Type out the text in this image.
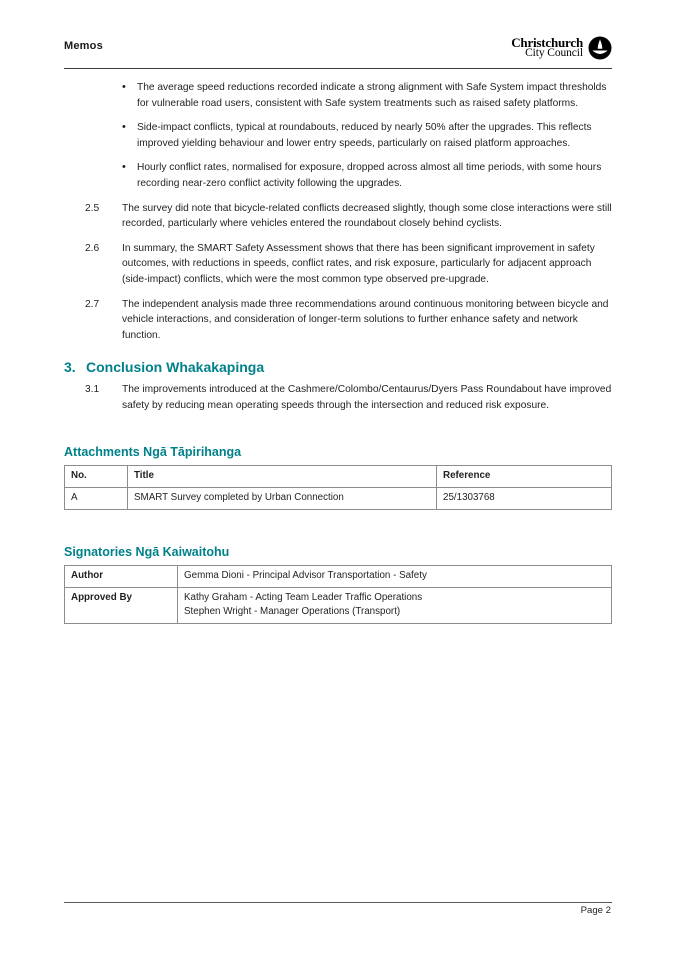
Memos	Christchurch
City Council
• The average speed reductions recorded indicate a strong alignment with Safe System impact thresholds for vulnerable road users, consistent with Safe system treatments such as raised safety platforms.
• Side-impact conflicts, typical at roundabouts, reduced by nearly 50% after the upgrades. This reflects improved yielding behaviour and lower entry speeds, particularly on raised platform approaches.
• Hourly conflict rates, normalised for exposure, dropped across almost all time periods, with some hours recording near-zero conflict activity following the upgrades.
2.5	The survey did note that bicycle-related conflicts decreased slightly, though some close interactions were still recorded, particularly where vehicles entered the roundabout closely behind cyclists.
2.6	In summary, the SMART Safety Assessment shows that there has been significant improvement in safety outcomes, with reductions in speeds, conflict rates, and risk exposure, particularly for adjacent approach (side-impact) conflicts, which were the most common type observed pre-upgrade.
2.7	The independent analysis made three recommendations around continuous monitoring between bicycle and vehicle interactions, and consideration of longer-term solutions to further enhance safety and network function.
3. Conclusion Whakakapinga
3.1	The improvements introduced at the Cashmere/Colombo/Centaurus/Dyers Pass Roundabout have improved safety by reducing mean operating speeds through the intersection and reduced risk exposure.
Attachments Ngā Tāpirihanga
No.	Title	Reference
A	SMART Survey completed by Urban Connection	25/1303768
Signatories Ngā Kaiwaitohu
Author	Gemma Dioni - Principal Advisor Transportation - Safety

Approved By	Kathy Graham - Acting Team Leader Traffic Operations
Stephen Wright - Manager Operations (Transport)
Page 2
